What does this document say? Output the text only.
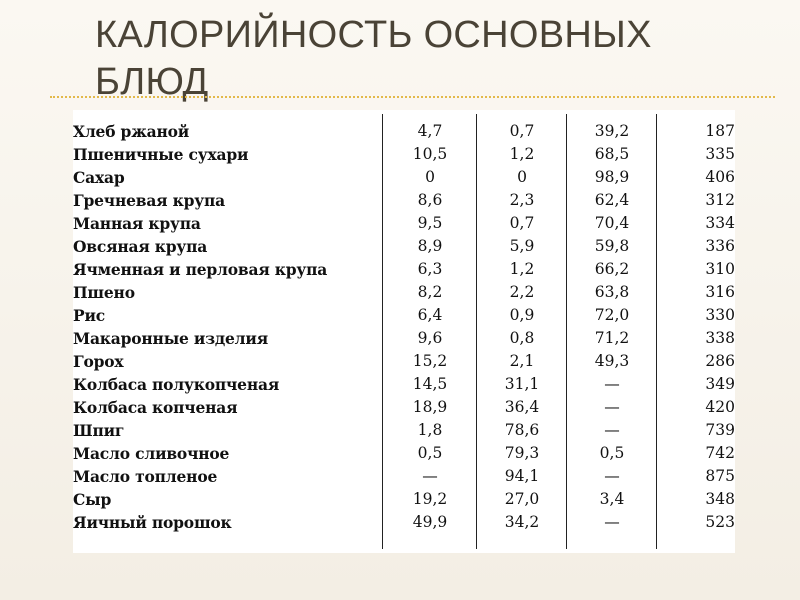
КАЛОРИЙНОСТЬ ОСНОВНЫХ БЛЮД
Хлеб ржаной	4,7	0,7	39,2	187
Пшеничные сухари	10,5	1,2	68,5	335
Сахар	0	0	98,9	406
Гречневая крупа	8,6	2,3	62,4	312
Манная крупа	9,5	0,7	70,4	334
Овсяная крупа	8,9	5,9	59,8	336
Ячменная и перловая крупа	6,3	1,2	66,2	310
Пшено	8,2	2,2	63,8	316
Рис	6,4	0,9	72,0	330
Макаронные изделия	9,6	0,8	71,2	338
Горох	15,2	2,1	49,3	286
Колбаса полукопченая	14,5	31,1	—	349
Колбаса копченая	18,9	36,4	—	420
Шпиг	1,8	78,6	—	739
Масло сливочное	0,5	79,3	0,5	742
Масло топленое	—	94,1	—	875
Сыр	19,2	27,0	3,4	348
Яичный порошок	49,9	34,2	—	523
